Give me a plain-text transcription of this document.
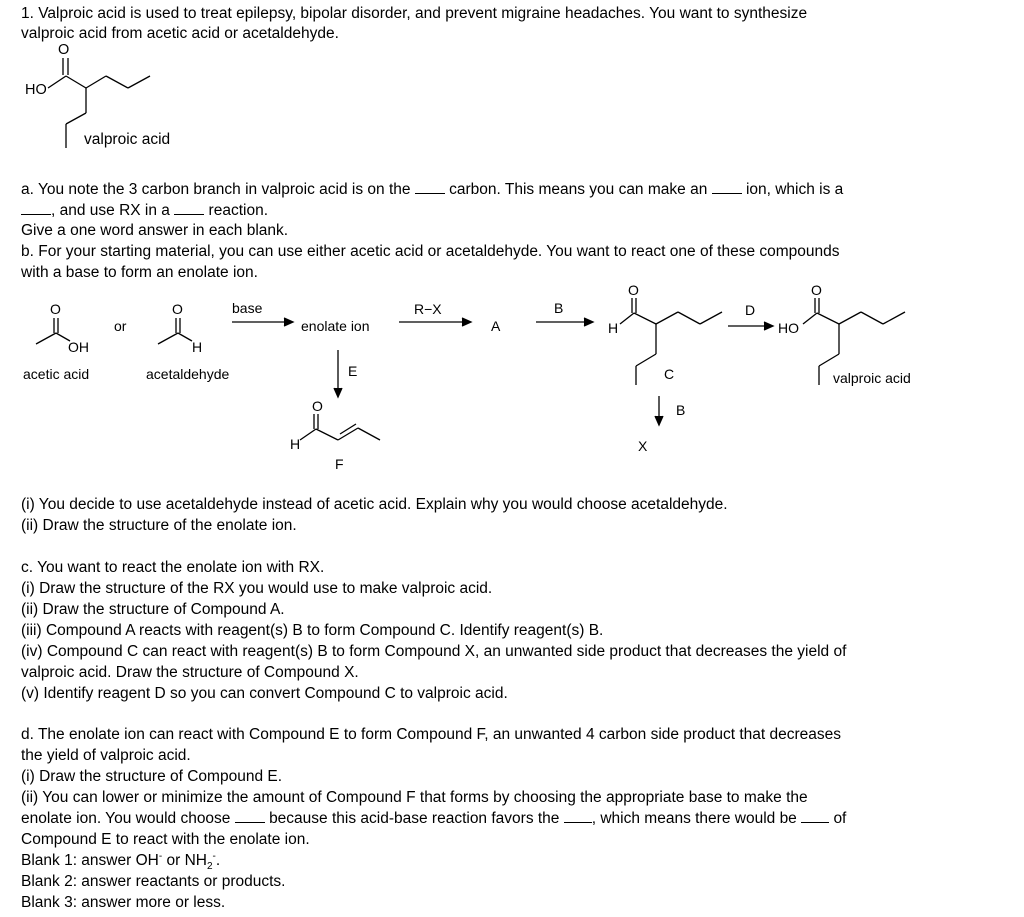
1. Valproic acid is used to treat epilepsy, bipolar disorder, and prevent migraine headaches. You want to synthesize
valproic acid from acetic acid or acetaldehyde.
O
HO
valproic acid
a. You note the 3 carbon branch in valproic acid is on the carbon. This means you can make an ion, which is a
, and use RX in a reaction.
Give a one word answer in each blank.
b. For your starting material, you can use either acetic acid or acetaldehyde. You want to react one of these compounds
with a base to form an enolate ion.
O
OH
or
O
H
base
enolate ion
R−X
A
B
O
H
D
HO
O
acetic acid	acetaldehyde	E	C	valproic acid
B
O
H
F
X
(i) You decide to use acetaldehyde instead of acetic acid. Explain why you would choose acetaldehyde.
(ii) Draw the structure of the enolate ion.
c. You want to react the enolate ion with RX.
(i) Draw the structure of the RX you would use to make valproic acid.
(ii) Draw the structure of Compound A.
(iii) Compound A reacts with reagent(s) B to form Compound C. Identify reagent(s) B.
(iv) Compound C can react with reagent(s) B to form Compound X, an unwanted side product that decreases the yield of
valproic acid. Draw the structure of Compound X.
(v) Identify reagent D so you can convert Compound C to valproic acid.
d. The enolate ion can react with Compound E to form Compound F, an unwanted 4 carbon side product that decreases
the yield of valproic acid.
(i) Draw the structure of Compound E.
(ii) You can lower or minimize the amount of Compound F that forms by choosing the appropriate base to make the
enolate ion. You would choose because this acid-base reaction favors the , which means there would be of
Compound E to react with the enolate ion.
Blank 1: answer OH- or $NH_2^-$.
Blank 2: answer reactants or products.
Blank 3: answer more or less.
